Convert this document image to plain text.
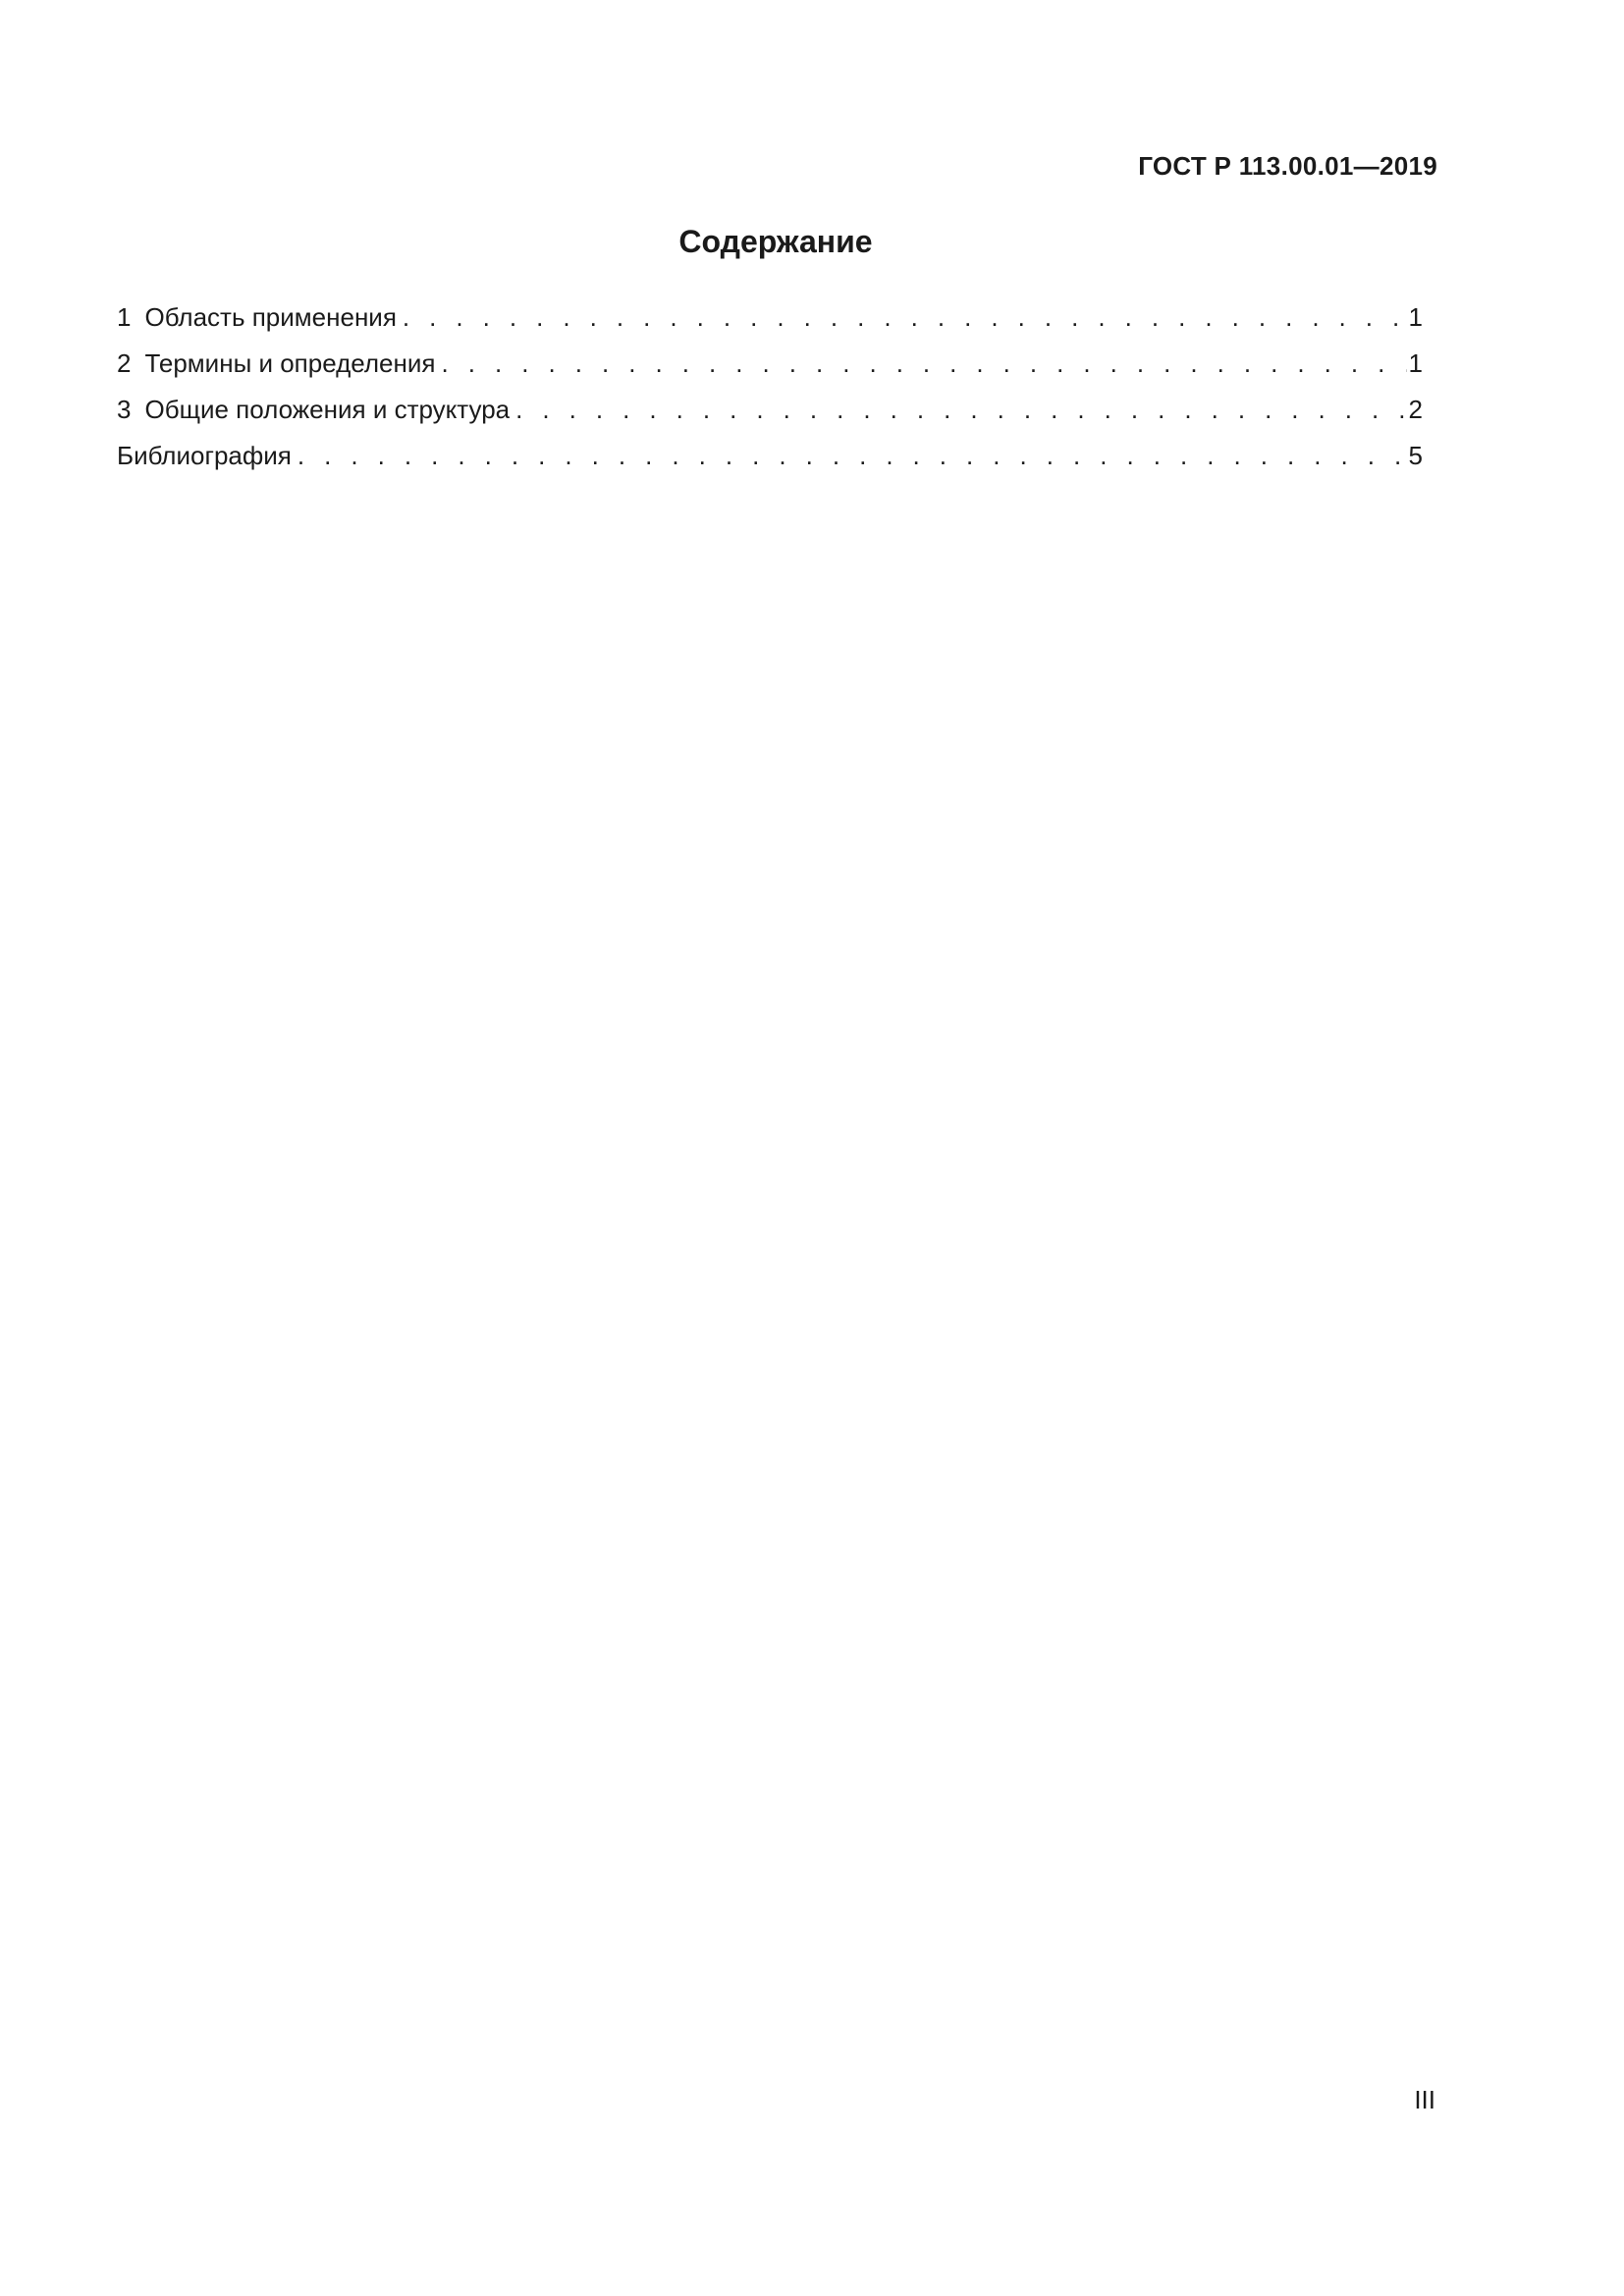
ГОСТ Р 113.00.01—2019
Содержание
1 Область применения . . .	1
2 Термины и определения . . .	1
3 Общие положения и структура . . .	2
Библиография . . .	5
III
